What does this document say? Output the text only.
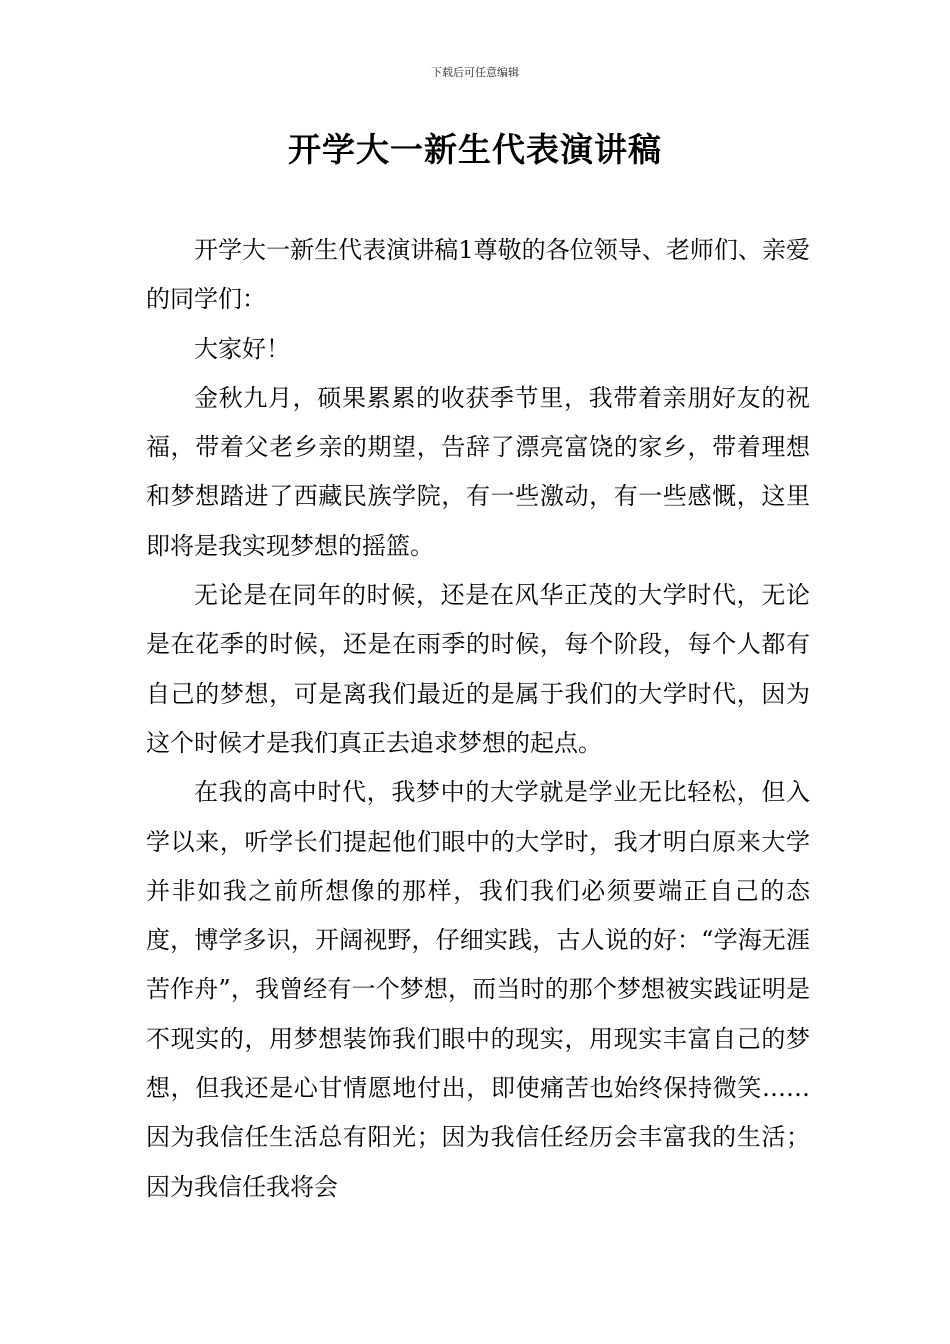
下载后可任意编辑
开学大一新生代表演讲稿

开学大一新生代表演讲稿1尊敬的各位领导、老师们、亲爱的同学们：

大家好！

金秋九月，硕果累累的收获季节里，我带着亲朋好友的祝福，带着父老乡亲的期望，告辞了漂亮富饶的家乡，带着理想和梦想踏进了西藏民族学院，有一些激动，有一些感慨，这里即将是我实现梦想的摇篮。

无论是在同年的时候，还是在风华正茂的大学时代，无论是在花季的时候，还是在雨季的时候，每个阶段，每个人都有自己的梦想，可是离我们最近的是属于我们的大学时代，因为这个时候才是我们真正去追求梦想的起点。

在我的高中时代，我梦中的大学就是学业无比轻松，但入学以来，听学长们提起他们眼中的大学时，我才明白原来大学并非如我之前所想像的那样，我们我们必须要端正自己的态度，博学多识，开阔视野，仔细实践，古人说的好：“学海无涯苦作舟”，我曾经有一个梦想，而当时的那个梦想被实践证明是不现实的，用梦想装饰我们眼中的现实，用现实丰富自己的梦想，但我还是心甘情愿地付出，即使痛苦也始终保持微笑……因为我信任生活总有阳光；因为我信任经历会丰富我的生活；因为我信任我将会
